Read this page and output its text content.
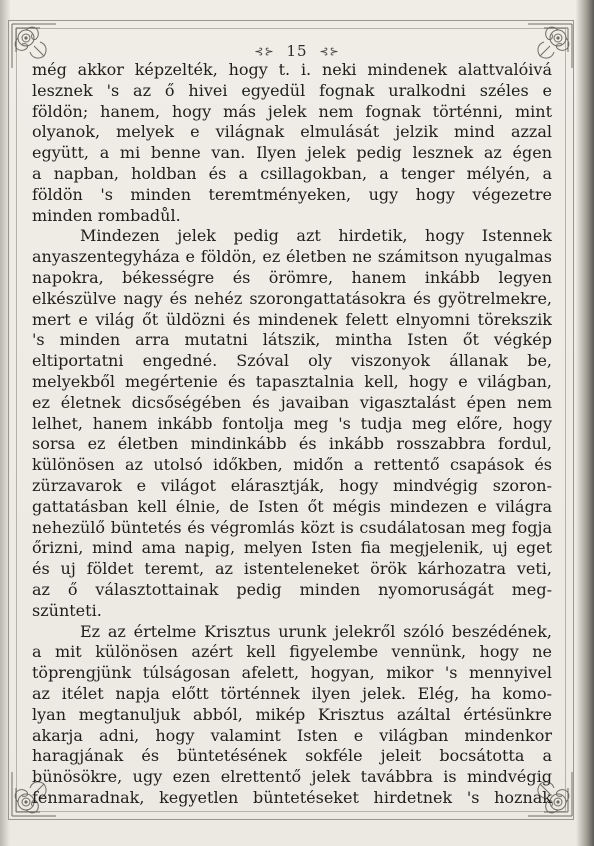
⊰⊱ 15 ⊰⊱
még akkor képzelték, hogy t. i. neki mindenek alattvalóivá
lesznek 's az ő hivei egyedül fognak uralkodni széles e
földön; hanem, hogy más jelek nem fognak történni, mint
olyanok, melyek e világnak elmulását jelzik mind azzal
együtt, a mi benne van. Ilyen jelek pedig lesznek az égen
a napban, holdban és a csillagokban, a tenger mélyén, a
földön 's minden teremtményeken, ugy hogy végezetre
minden rombadůl.
Mindezen jelek pedig azt hirdetik, hogy Istennek
anyaszentegyháza e földön, ez életben ne számitson nyugalmas
napokra, békességre és örömre, hanem inkább legyen
elkészülve nagy és nehéz szorongattatásokra és gyötrelmekre,
mert e világ őt üldözni és mindenek felett elnyomni törekszik
's minden arra mutatni látszik, mintha Isten őt végkép
eltiportatni engedné. Szóval oly viszonyok állanak be,
melyekből megértenie és tapasztalnia kell, hogy e világban,
ez életnek dicsőségében és javaiban vigasztalást épen nem
lelhet, hanem inkább fontolja meg 's tudja meg előre, hogy
sorsa ez életben mindinkább és inkább rosszabbra fordul,
különösen az utolsó időkben, midőn a rettentő csapások és
zürzavarok e világot elárasztják, hogy mindvégig szoron-
gattatásban kell élnie, de Isten őt mégis mindezen e világra
nehezülő büntetés és végromlás közt is csudálatosan meg fogja
őrizni, mind ama napig, melyen Isten fia megjelenik, uj eget
és uj földet teremt, az istenteleneket örök kárhozatra veti,
az ő választottainak pedig minden nyomoruságát meg-
szünteti.
Ez az értelme Krisztus urunk jelekről szóló beszédének,
a mit különösen azért kell figyelembe vennünk, hogy ne
töprengjünk túlságosan afelett, hogyan, mikor 's mennyivel
az itélet napja előtt történnek ilyen jelek. Elég, ha komo-
lyan megtanuljuk abból, mikép Krisztus azáltal értésünkre
akarja adni, hogy valamint Isten e világban mindenkor
haragjának és büntetésének sokféle jeleit bocsátotta a
bünösökre, ugy ezen elrettentő jelek tavábbra is mindvégig
fenmaradnak, kegyetlen büntetéseket hirdetnek 's hoznak
